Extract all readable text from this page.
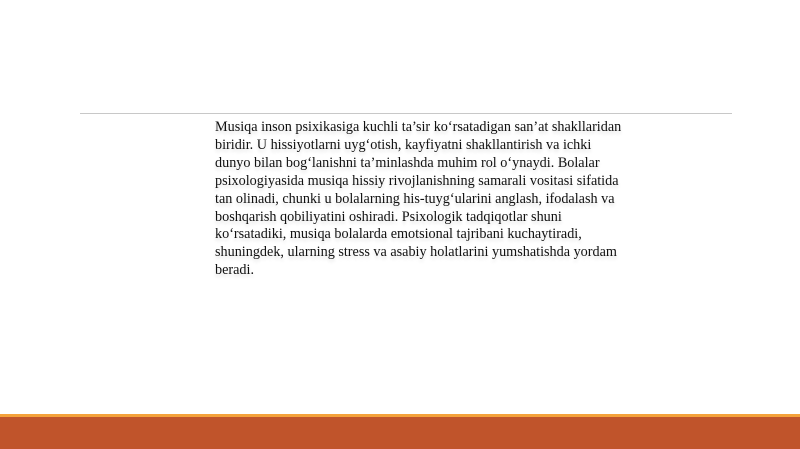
Musiqa inson psixikasiga kuchli ta’sir ko‘rsatadigan san’at shakllaridan biridir. U hissiyotlarni uyg‘otish, kayfiyatni shakllantirish va ichki dunyo bilan bog‘lanishni ta’minlashda muhim rol o‘ynaydi. Bolalar psixologiyasida musiqa hissiy rivojlanishning samarali vositasi sifatida tan olinadi, chunki u bolalarning his-tuyg‘ularini anglash, ifodalash va boshqarish qobiliyatini oshiradi. Psixologik tadqiqotlar shuni ko‘rsatadiki, musiqa bolalarda emotsional tajribani kuchaytiradi, shuningdek, ularning stress va asabiy holatlarini yumshatishda yordam beradi.
